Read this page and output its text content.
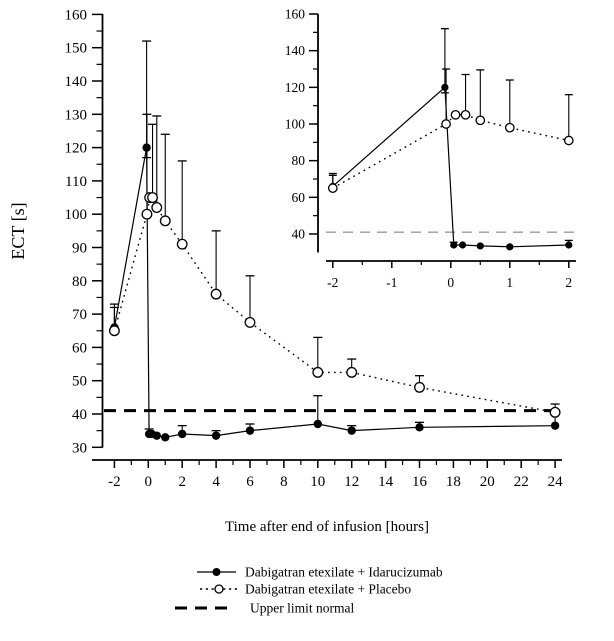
30
40
50
60
70
80
90
100
110
120
130
140
150
160
-2 0 2 4 6 8 10 12 14 16 18 20 22 24
40
60
80
100
120
140
160
-2	-1	0	1	2
ECT [s]
Time after end of infusion [hours]
Dabigatran etexilate + Idarucizumab
Dabigatran etexilate + Placebo
Upper limit normal
